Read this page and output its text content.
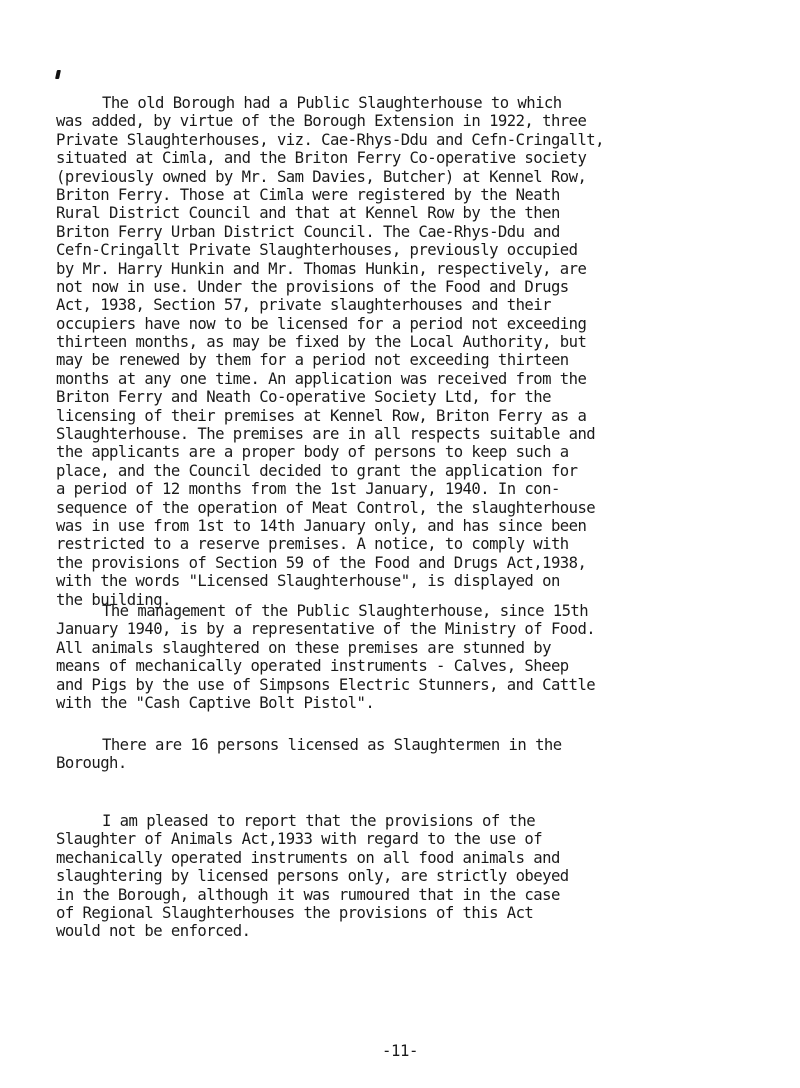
The old Borough had a Public Slaughterhouse to which
was added, by virtue of the Borough Extension in 1922, three
Private Slaughterhouses, viz. Cae-Rhys-Ddu and Cefn-Cringallt,
situated at Cimla, and the Briton Ferry Co-operative society
(previously owned by Mr. Sam Davies, Butcher) at Kennel Row,
Briton Ferry. Those at Cimla were registered by the Neath
Rural District Council and that at Kennel Row by the then
Briton Ferry Urban District Council. The Cae-Rhys-Ddu and
Cefn-Cringallt Private Slaughterhouses, previously occupied
by Mr. Harry Hunkin and Mr. Thomas Hunkin, respectively, are
not now in use. Under the provisions of the Food and Drugs
Act, 1938, Section 57, private slaughterhouses and their
occupiers have now to be licensed for a period not exceeding
thirteen months, as may be fixed by the Local Authority, but
may be renewed by them for a period not exceeding thirteen
months at any one time. An application was received from the
Briton Ferry and Neath Co-operative Society Ltd, for the
licensing of their premises at Kennel Row, Briton Ferry as a
Slaughterhouse. The premises are in all respects suitable and
the applicants are a proper body of persons to keep such a
place, and the Council decided to grant the application for
a period of 12 months from the 1st January, 1940. In con-
sequence of the operation of Meat Control, the slaughterhouse
was in use from 1st to 14th January only, and has since been
restricted to a reserve premises. A notice, to comply with
the provisions of Section 59 of the Food and Drugs Act,1938,
with the words "Licensed Slaughterhouse", is displayed on
the building.
The management of the Public Slaughterhouse, since 15th
January 1940, is by a representative of the Ministry of Food.
All animals slaughtered on these premises are stunned by
means of mechanically operated instruments - Calves, Sheep
and Pigs by the use of Simpsons Electric Stunners, and Cattle
with the "Cash Captive Bolt Pistol".
There are 16 persons licensed as Slaughtermen in the
Borough.
I am pleased to report that the provisions of the
Slaughter of Animals Act,1933 with regard to the use of
mechanically operated instruments on all food animals and
slaughtering by licensed persons only, are strictly obeyed
in the Borough, although it was rumoured that in the case
of Regional Slaughterhouses the provisions of this Act
would not be enforced.
-11-
